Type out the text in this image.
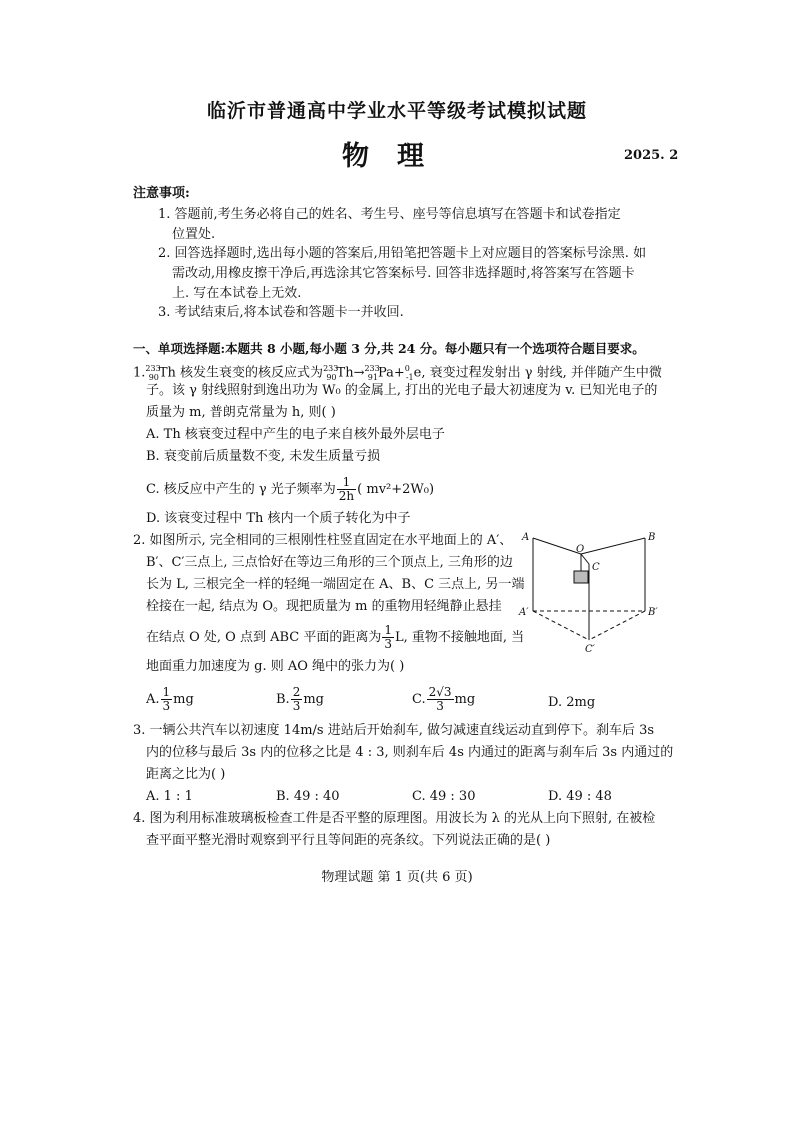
临沂市普通高中学业水平等级考试模拟试题
物理	2025. 2
注意事项:
1. 答题前,考生务必将自己的姓名、考生号、座号等信息填写在答题卡和试卷指定
位置处.
2. 回答选择题时,选出每小题的答案后,用铅笔把答题卡上对应题目的答案标号涂黑. 如
需改动,用橡皮擦干净后,再选涂其它答案标号. 回答非选择题时,将答案写在答题卡
上. 写在本试卷上无效.
3. 考试结束后,将本试卷和答题卡一并收回.
一、单项选择题:本题共 8 小题,每小题 3 分,共 24 分。每小题只有一个选项符合题目要求。
1.$^{233}_{90}$Th 核发生衰变的核反应式为$^{233}_{90}$Th→$^{233}_{91}$Pa+$^0_{-1}$e, 衰变过程发射出 γ 射线, 并伴随产生中微
子。该 γ 射线照射到逸出功为 W₀ 的金属上, 打出的光电子最大初速度为 v. 已知光电子的
质量为 m, 普朗克常量为 h, 则( )
A. Th 核衰变过程中产生的电子来自核外最外层电子
B. 衰变前后质量数不变, 未发生质量亏损
C. 核反应中产生的 γ 光子频率为 $\frac{1}{2h}$ ( mv²+2W₀)
D. 该衰变过程中 Th 核内一个质子转化为中子
2. 如图所示, 完全相同的三根刚性柱竖直固定在水平地面上的 A′、
B′、C′三点上, 三点恰好在等边三角形的三个顶点上, 三角形的边
长为 L, 三根完全一样的轻绳一端固定在 A、B、C 三点上, 另一端
栓接在一起, 结点为 O。现把质量为 m 的重物用轻绳静止悬挂
在结点 O 处, O 点到 ABC 平面的距离为 $\frac{1}{3} L$, 重物不接触地面, 当
地面重力加速度为 g. 则 AO 绳中的张力为( )
A. $\frac{1}{3}$ mg	B. $\frac{2}{3}$ mg	C. $\frac{2√3}{3}$ mg	D. 2mg
A	B
C
O
A′	B′
C′
3. 一辆公共汽车以初速度 14m/s 进站后开始刹车, 做匀减速直线运动直到停下。刹车后 3s
内的位移与最后 3s 内的位移之比是 4 : 3, 则刹车后 4s 内通过的距离与刹车后 3s 内通过的
距离之比为( )
A. 1 : 1	B. 49 : 40	C. 49 : 30	D. 49 : 48
4. 图为利用标准玻璃板检查工件是否平整的原理图。用波长为 λ 的光从上向下照射, 在被检
查平面平整光滑时观察到平行且等间距的亮条纹。下列说法正确的是( )
物理试题 第 1 页(共 6 页)
